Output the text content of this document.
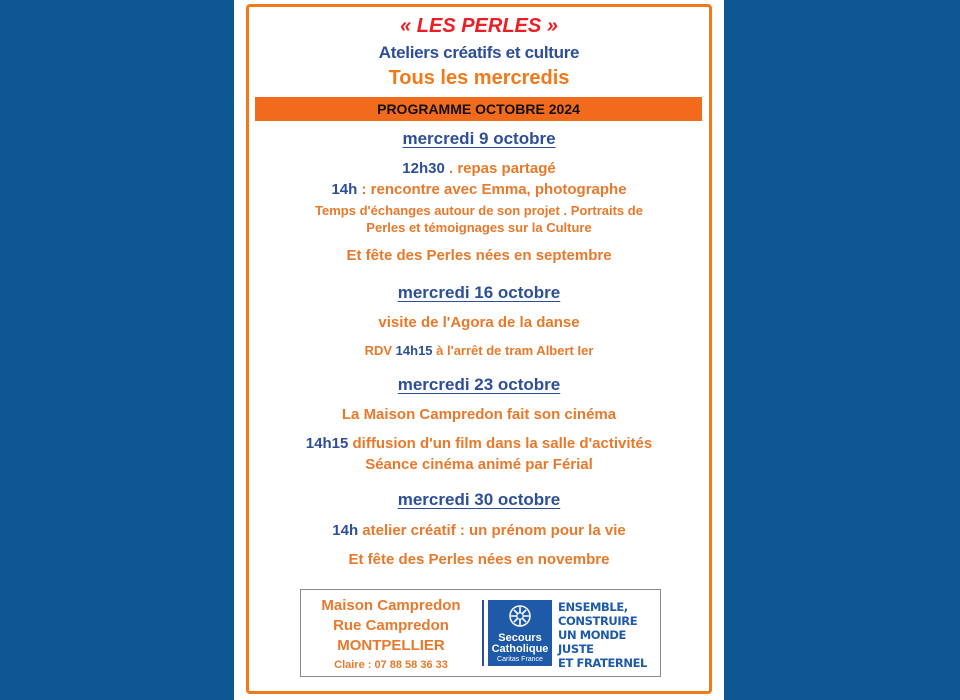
« LES PERLES »
Ateliers créatifs et culture
Tous les mercredis
PROGRAMME OCTOBRE 2024
mercredi 9 octobre
12h30 . repas partagé
14h : rencontre avec Emma, photographe
Temps d'échanges autour de son projet . Portraits de
Perles et témoignages sur la Culture
Et fête des Perles nées en septembre
mercredi 16 octobre
visite de l'Agora de la danse
RDV 14h15 à l'arrêt de tram Albert Ier
mercredi 23 octobre
La Maison Campredon fait son cinéma
14h15 diffusion d'un film dans la salle d'activités
Séance cinéma animé par Férial
mercredi 30 octobre
14h atelier créatif : un prénom pour la vie
Et fête des Perles nées en novembre
Maison Campredon
Rue Campredon
MONTPELLIER
Claire : 07 88 58 36 33
Secours
Catholique
Caritas France
ENSEMBLE,
CONSTRUIRE
UN MONDE JUSTE
ET FRATERNEL
